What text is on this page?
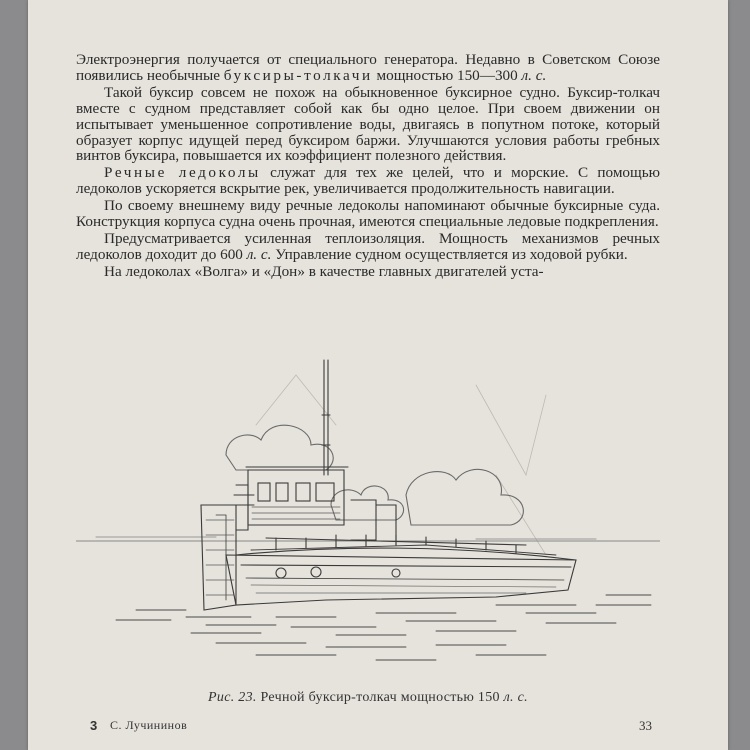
Электроэнергия получается от специального генератора. Недавно в Советском Союзе появились необычные буксиры-толкачи мощностью 150—300 л. с.

Такой буксир совсем не похож на обыкновенное буксирное судно. Буксир-толкач вместе с судном представляет собой как бы одно целое. При своем движении он испытывает уменьшенное сопротивление воды, двигаясь в попутном потоке, который образует корпус идущей перед буксиром баржи. Улучшаются условия работы гребных винтов буксира, повышается их коэффициент полезного действия.

Речные ледоколы служат для тех же целей, что и морские. С помощью ледоколов ускоряется вскрытие рек, увеличивается продолжительность навигации.

По своему внешнему виду речные ледоколы напоминают обычные буксирные суда. Конструкция корпуса судна очень прочная, имеются специальные ледовые подкрепления.

Предусматривается усиленная теплоизоляция. Мощность механизмов речных ледоколов доходит до 600 л. с. Управление судном осуществляется из ходовой рубки.

На ледоколах «Волга» и «Дон» в качестве главных двигателей уста-

Рис. 23. Речной буксир-толкач мощностью 150 л. с.
3 С. Лучининов	33
